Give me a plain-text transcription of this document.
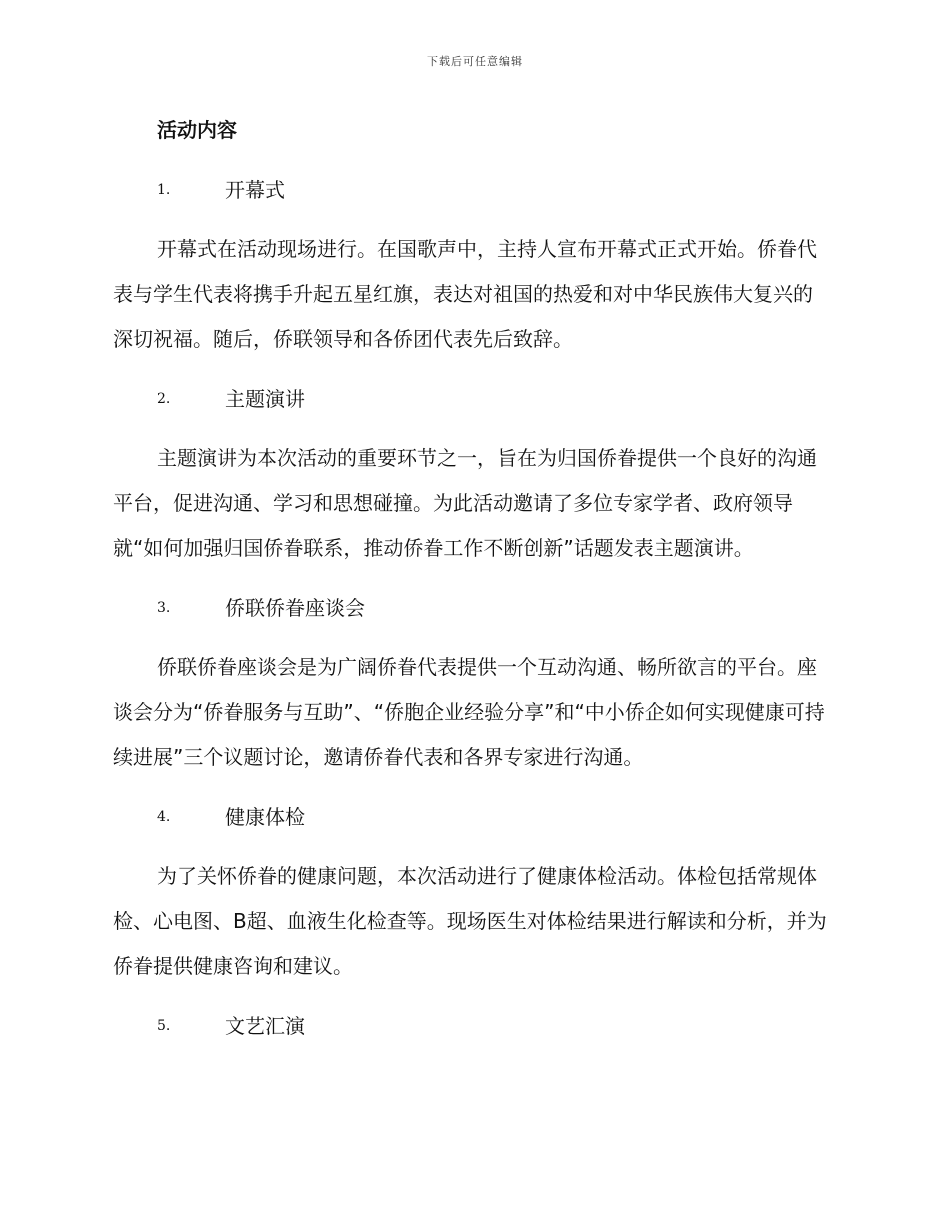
下载后可任意编辑
活动内容
1.	开幕式

开幕式在活动现场进行。在国歌声中，主持人宣布开幕式正式开始。侨眷代表与学生代表将携手升起五星红旗，表达对祖国的热爱和对中华民族伟大复兴的深切祝福。随后，侨联领导和各侨团代表先后致辞。

2.	主题演讲

主题演讲为本次活动的重要环节之一，旨在为归国侨眷提供一个良好的沟通平台，促进沟通、学习和思想碰撞。为此活动邀请了多位专家学者、政府领导就“如何加强归国侨眷联系，推动侨眷工作不断创新”话题发表主题演讲。

3.	侨联侨眷座谈会

侨联侨眷座谈会是为广阔侨眷代表提供一个互动沟通、畅所欲言的平台。座谈会分为“侨眷服务与互助”、“侨胞企业经验分享”和“中小侨企如何实现健康可持续进展”三个议题讨论，邀请侨眷代表和各界专家进行沟通。

4.	健康体检

为了关怀侨眷的健康问题，本次活动进行了健康体检活动。体检包括常规体检、心电图、B超、血液生化检查等。现场医生对体检结果进行解读和分析，并为侨眷提供健康咨询和建议。

5.	文艺汇演
